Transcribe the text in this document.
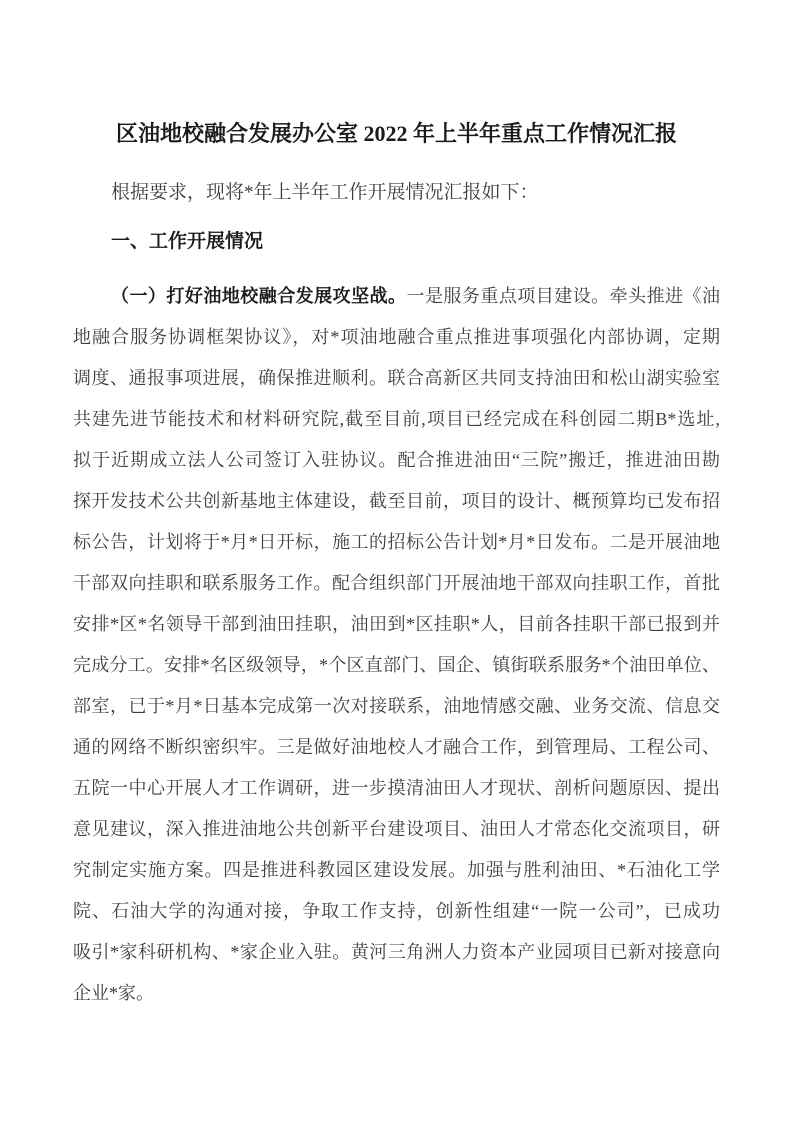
区油地校融合发展办公室 2022 年上半年重点工作情况汇报

根据要求，现将*年上半年工作开展情况汇报如下：

一、工作开展情况
（一）打好油地校融合发展攻坚战。一是服务重点项目建设。牵头推进《油
地融合服务协调框架协议》，对*项油地融合重点推进事项强化内部协调，定期
调度、通报事项进展，确保推进顺利。联合高新区共同支持油田和松山湖实验室
共建先进节能技术和材料研究院,截至目前,项目已经完成在科创园二期B*选址,
拟于近期成立法人公司签订入驻协议。配合推进油田“三院”搬迁，推进油田勘
探开发技术公共创新基地主体建设，截至目前，项目的设计、概预算均已发布招
标公告，计划将于*月*日开标，施工的招标公告计划*月*日发布。二是开展油地
干部双向挂职和联系服务工作。配合组织部门开展油地干部双向挂职工作，首批
安排*区*名领导干部到油田挂职，油田到*区挂职*人，目前各挂职干部已报到并
完成分工。安排*名区级领导，*个区直部门、国企、镇街联系服务*个油田单位、
部室，已于*月*日基本完成第一次对接联系，油地情感交融、业务交流、信息交
通的网络不断织密织牢。三是做好油地校人才融合工作，到管理局、工程公司、
五院一中心开展人才工作调研，进一步摸清油田人才现状、剖析问题原因、提出
意见建议，深入推进油地公共创新平台建设项目、油田人才常态化交流项目，研
究制定实施方案。四是推进科教园区建设发展。加强与胜利油田、*石油化工学
院、石油大学的沟通对接，争取工作支持，创新性组建“一院一公司”，已成功
吸引*家科研机构、*家企业入驻。黄河三角洲人力资本产业园项目已新对接意向
企业*家。
